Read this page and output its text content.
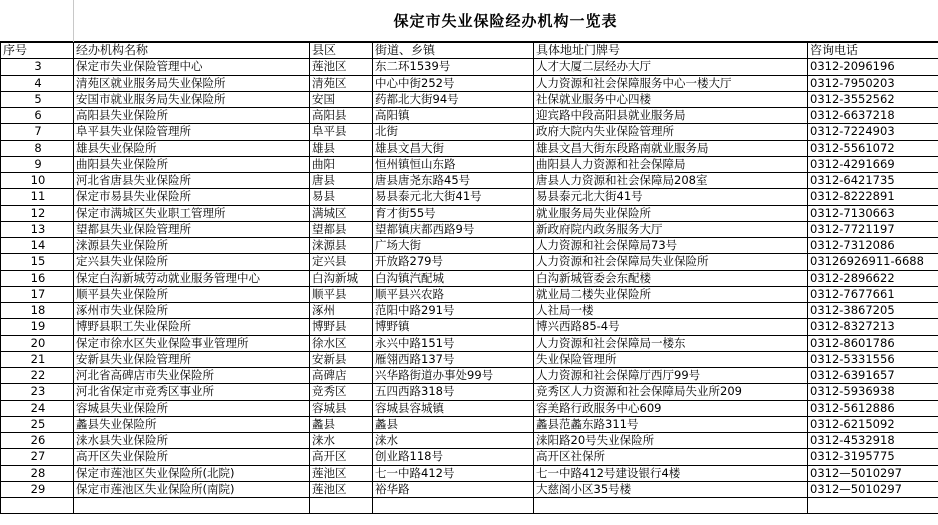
保定市失业保险经办机构一览表
序号	经办机构名称	县区	街道、乡镇	具体地址门牌号	咨询电话
3	保定市失业保险管理中心	莲池区	东二环1539号	人才大厦二层经办大厅	0312-2096196
4	清苑区就业服务局失业保险所	清苑区	中心中街252号	人力资源和社会保障服务中心一楼大厅	0312-7950203
5	安国市就业服务局失业保险所	安国	药都北大街94号	社保就业服务中心四楼	0312-3552562
6	高阳县失业保险所	高阳县	高阳镇	迎宾路中段高阳县就业服务局	0312-6637218
7	阜平县失业保险管理所	阜平县	北街	政府大院内失业保险管理所	0312-7224903
8	雄县失业保险所	雄县	雄县文昌大街	雄县文昌大街东段路南就业服务局	0312-5561072
9	曲阳县失业保险所	曲阳	恒州镇恒山东路	曲阳县人力资源和社会保障局	0312-4291669
10	河北省唐县失业保险所	唐县	唐县唐尧东路45号	唐县人力资源和社会保障局208室	0312-6421735
11	保定市易县失业保险所	易县	易县泰元北大街41号	易县泰元北大街41号	0312-8222891
12	保定市满城区失业职工管理所	满城区	育才街55号	就业服务局失业保险所	0312-7130663
13	望都县失业保险管理所	望都县	望都镇庆都西路9号	新政府院内政务服务大厅	0312-7721197
14	涞源县失业保险所	涞源县	广场大街	人力资源和社会保障局73号	0312-7312086
15	定兴县失业保险所	定兴县	开放路279号	人力资源和社会保障局失业保险所	03126926911-6688
16	保定白沟新城劳动就业服务管理中心	白沟新城	白沟镇汽配城	白沟新城管委会东配楼	0312-2896622
17	顺平县失业保险所	顺平县	顺平县兴农路	就业局二楼失业保险所	0312-7677661
18	涿州市失业保险所	涿州	范阳中路291号	人社局一楼	0312-3867205
19	博野县职工失业保险所	博野县	博野镇	博兴西路85-4号	0312-8327213
20	保定市徐水区失业保险事业管理所	徐水区	永兴中路151号	人力资源和社会保障局一楼东	0312-8601786
21	安新县失业保险管理所	安新县	雁翎西路137号	失业保险管理所	0312-5331556
22	河北省高碑店市失业保险所	高碑店	兴华路街道办事处99号	人力资源和社会保障厅西厅99号	0312-6391657
23	河北省保定市竞秀区事业所	竞秀区	五四西路318号	竞秀区人力资源和社会保障局失业所209	0312-5936938
24	容城县失业保险所	容城县	容城县容城镇	容美路行政服务中心609	0312-5612886
25	蠡县失业保险所	蠡县	蠡县	蠡县范蠡东路311号	0312-6215092
26	涞水县失业保险所	涞水	涞水	涞阳路20号失业保险所	0312-4532918
27	高开区失业保险所	高开区	创业路118号	高开区社保所	0312-3195775
28	保定市莲池区失业保险所(北院)	莲池区	七一中路412号	七一中路412号建设银行4楼	0312—5010297
29	保定市莲池区失业保险所(南院)	莲池区	裕华路	大慈阁小区35号楼	0312—5010297
